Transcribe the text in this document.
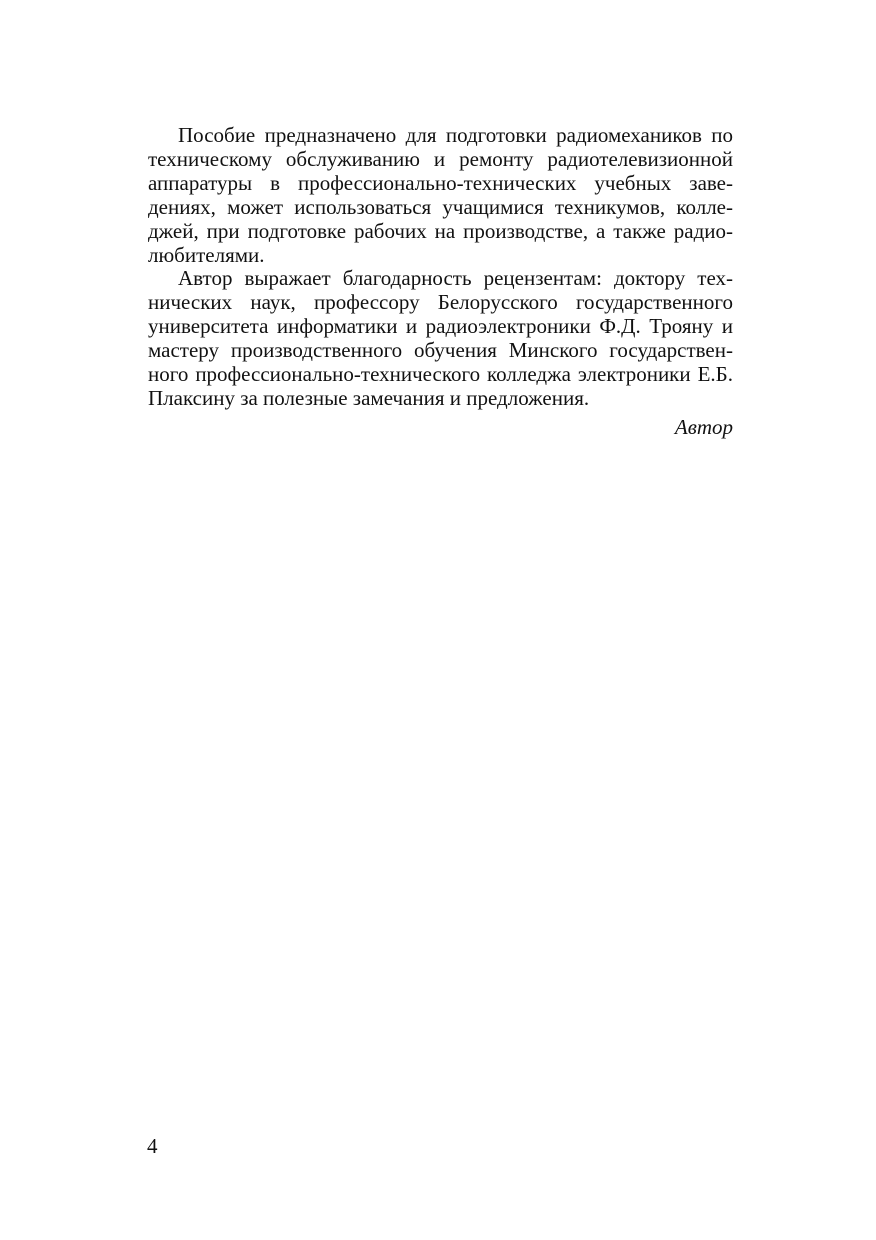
Пособие предназначено для подготовки радиомехаников по техническому обслуживанию и ремонту радиотелевизионной аппаратуры в профессионально-технических учебных заведениях, может использоваться учащимися техникумов, колледжей, при подготовке рабочих на производстве, а также радиолюбителями.

Автор выражает благодарность рецензентам: доктору технических наук, профессору Белорусского государственного университета информатики и радиоэлектроники Ф.Д. Трояну и мастеру производственного обучения Минского государственного профессионально-технического колледжа электроники Е.Б. Плаксину за полезные замечания и предложения.

Автор

4
